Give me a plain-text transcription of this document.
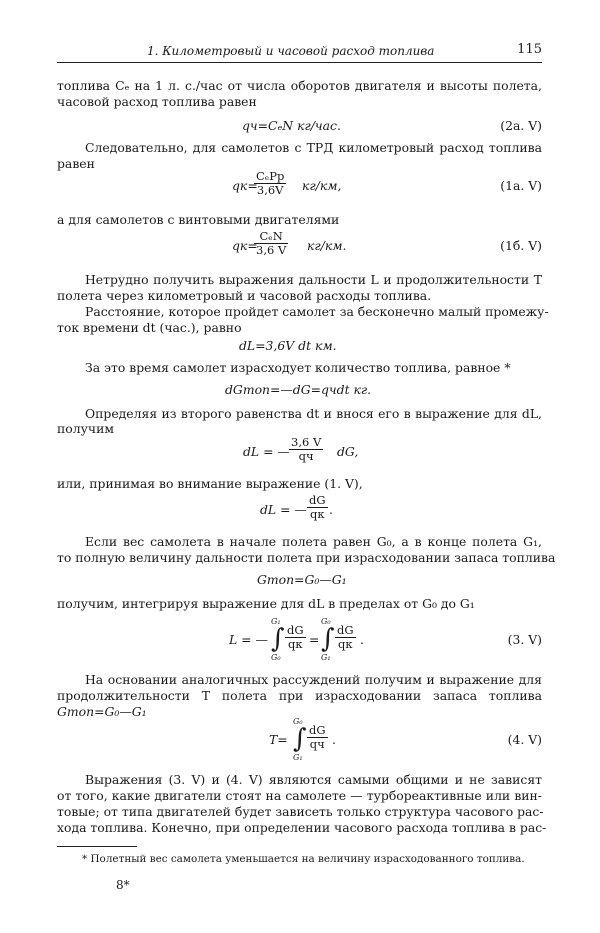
1. Километровый и часовой расход топлива	115
топлива Cₑ на 1 л. с./час от числа оборотов двигателя и высоты полета,
часовой расход топлива равен
qч=CₑN кг/час.	(2a. V)
Следовательно, для самолетов с ТРД километровый расход топлива
равен
qк=
$\frac{\text{CₑPр}}{3,6V} кг/км$,	(1a. V)
а для самолетов с винтовыми двигателями
qк=
$\frac{\text{CₑN}}{3,6 V} кг/км$.	(1б. V)
Нетрудно получить выражения дальности L и продолжительности T
полета через километровый и часовой расходы топлива.
Расстояние, которое пройдет самолет за бесконечно малый промежу-
ток времени dt (час.), равно
dL=3,6V dt км.
За это время самолет израсходует количество топлива, равное *
dGтоп=—dG=qчdt кг.
Определяя из второго равенства dt и внося его в выражение для dL,
получим
dL = — $\frac{3,6 V}{qч}$ dG,
или, принимая во внимание выражение (1. V),
dL = — $\frac{dG}{qк}$ .
Если вес самолета в начале полета равен G₀, а в конце полета G₁,
то полную величину дальности полета при израсходовании запаса топлива
Gтоп=G₀—G₁
получим, интегрируя выражение для dL в пределах от G₀ до G₁
L = —
G₁
∫
G₀
$\frac{dG}{qк}$ =
G₀
∫
G₁
$\frac{dG}{qк}$ .	(3. V)
На основании аналогичных рассуждений получим и выражение для
продолжительности T полета при израсходовании запаса топлива
Gтоп=G₀—G₁
T=
G₀
∫
G₁
$\frac{dG}{qч}$ .	(4. V)
Выражения (3. V) и (4. V) являются самыми общими и не зависят
от того, какие двигатели стоят на самолете — турбореактивные или вин-
товые; от типа двигателей будет зависеть только структура часового рас-
хода топлива. Конечно, при определении часового расхода топлива в рас-
* Полетный вес самолета уменьшается на величину израсходованного топлива.
8*
